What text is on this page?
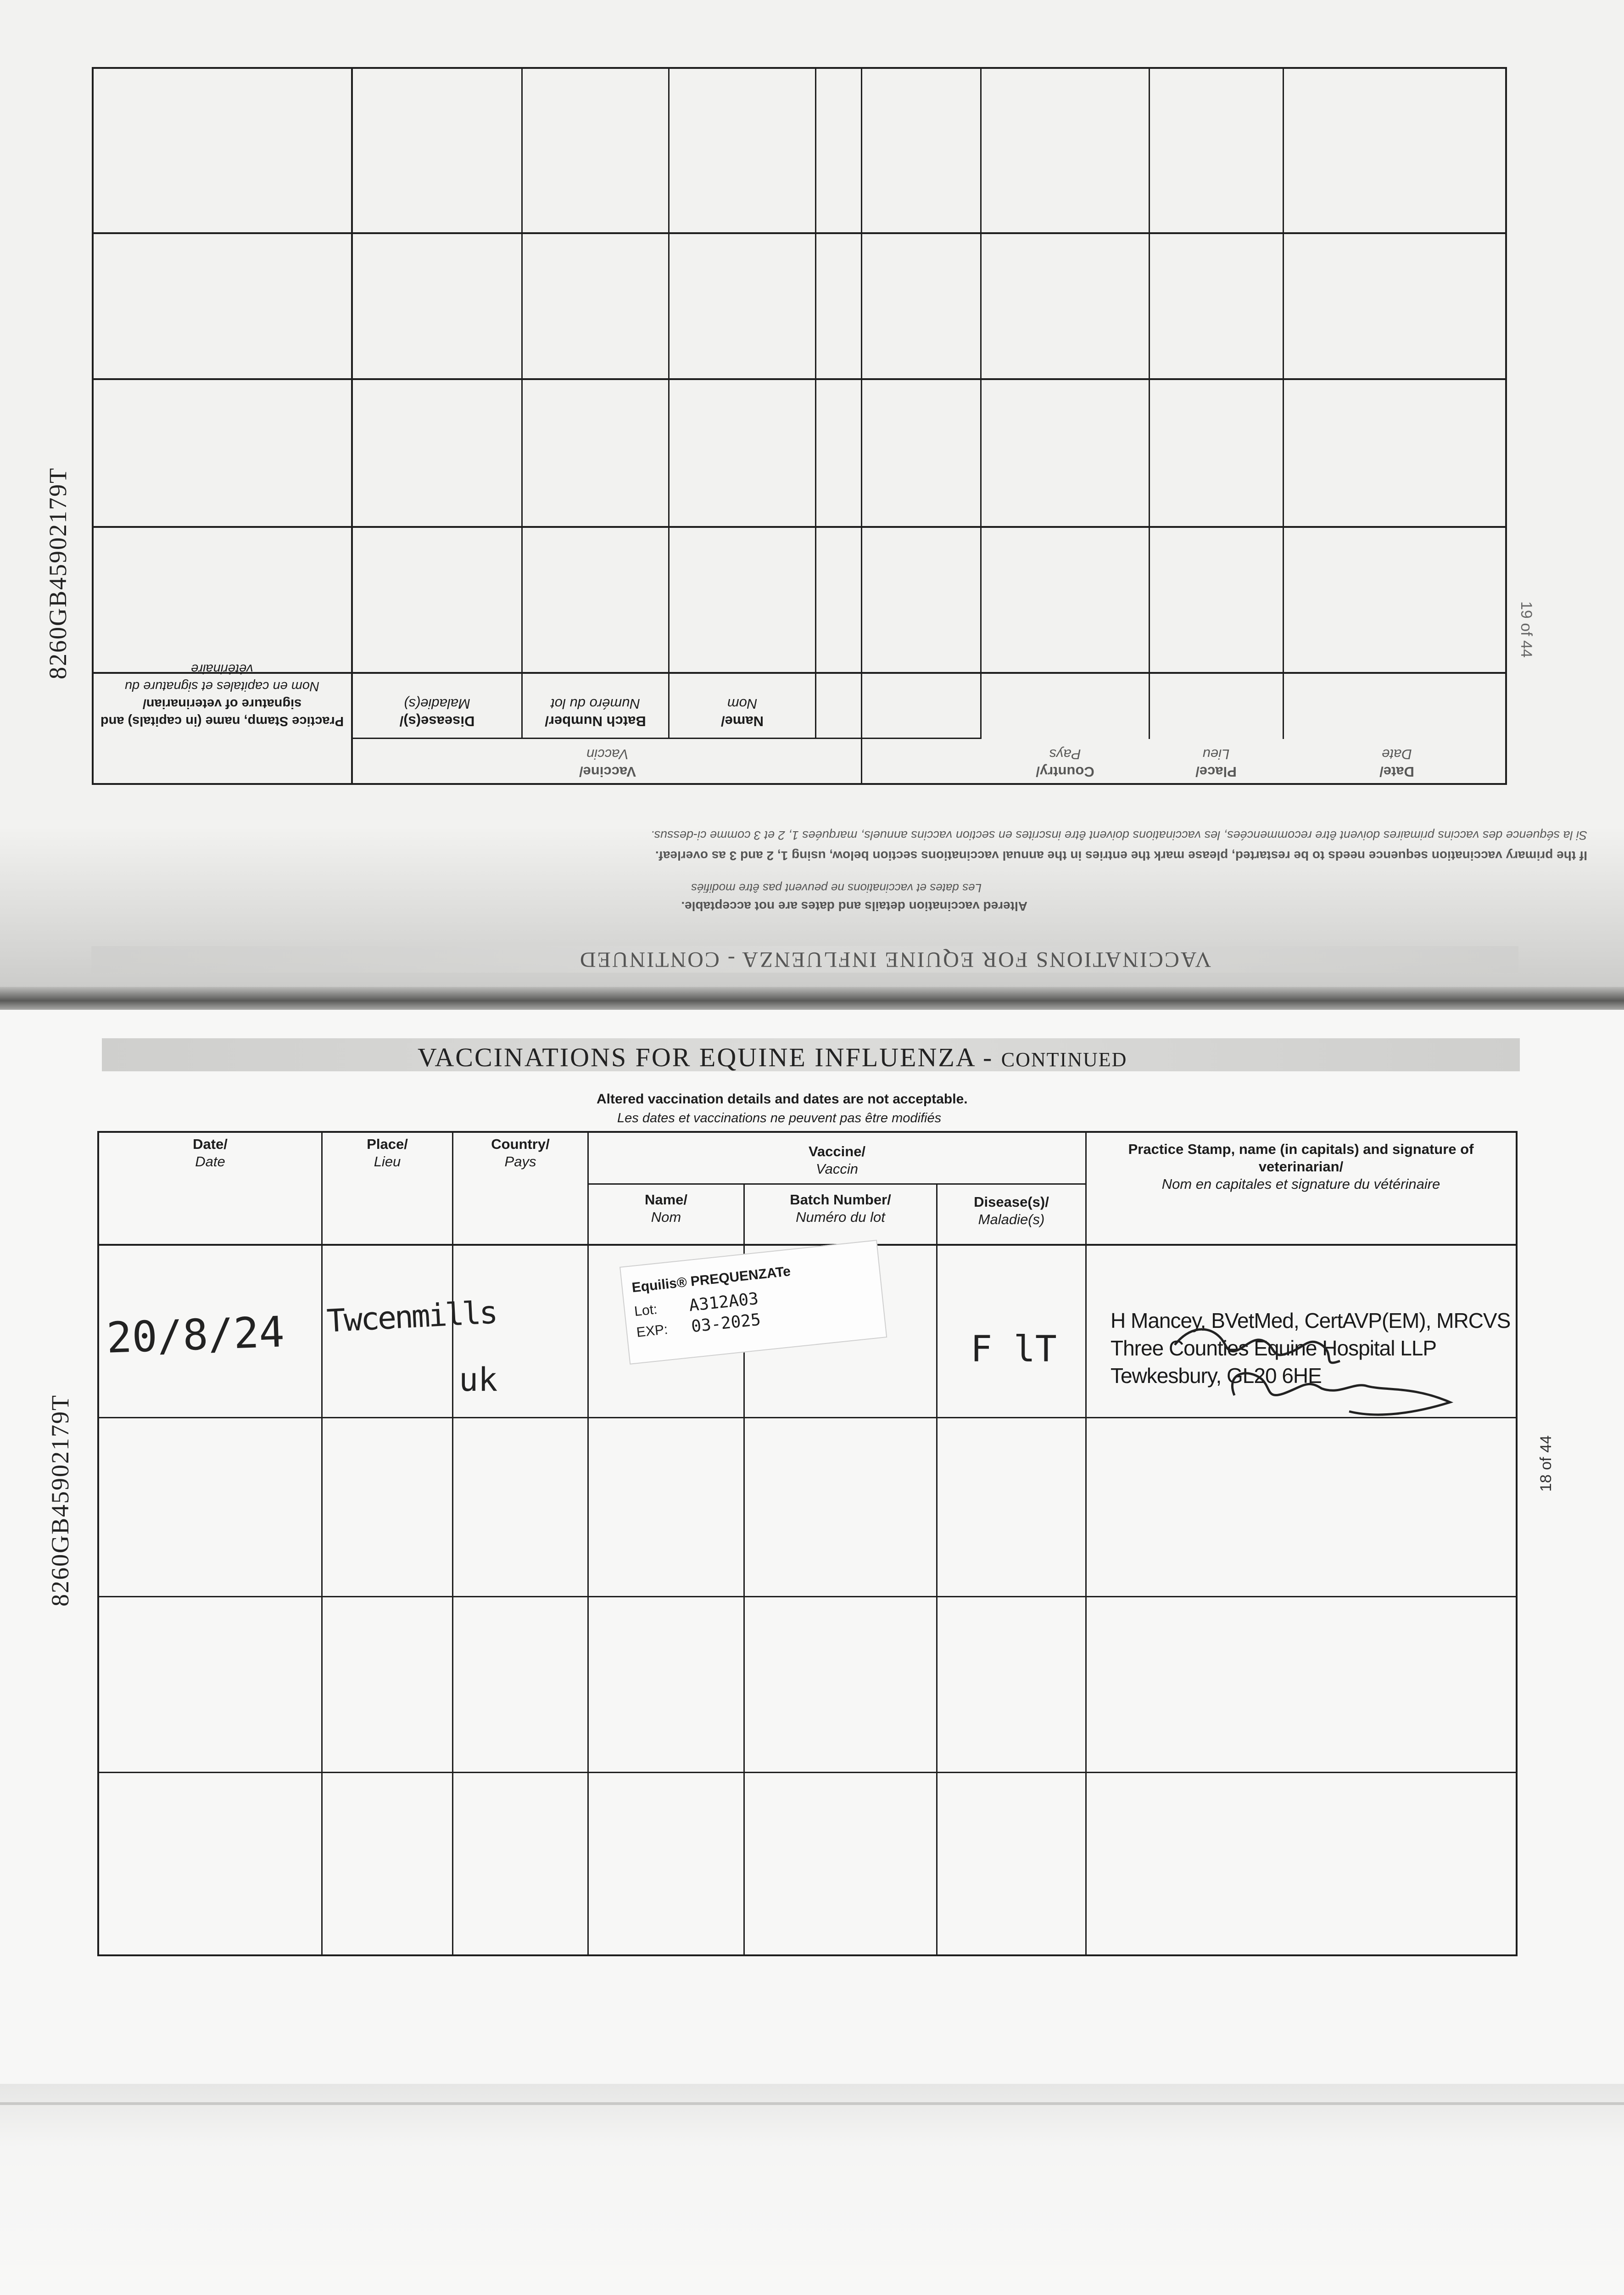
VACCINATIONS FOR EQUINE INFLUENZA - CONTINUED
Altered vaccination details and dates are not acceptable.
Les dates et vaccinations ne peuvent pas être modifiés
If the primary vaccination sequence needs to be restarted, please mark the entries in the annual vaccinations section below, using 1, 2 and 3 as overleaf.
Si la séquence des vaccins primaires doivent être recommencées, les vaccinations doivent être inscrites en section vaccins annuels, marquées 1, 2 et 3 comme ci-dessus.
Date/
Date
Place/
Lieu
Country/
Pays
Vaccine/
Vaccin
Name/
Nom
Batch Number/
Numéro du lot
Disease(s)/
Maladie(s)
Practice Stamp, name (in capitals) and signature of veterinarian/
Nom en capitales et signature du vétérinaire
8260GB45902179T	19 of 44
VACCINATIONS FOR EQUINE INFLUENZA - CONTINUED
Altered vaccination details and dates are not acceptable.
Les dates et vaccinations ne peuvent pas être modifiés
Date/
Date
Place/
Lieu
Country/
Pays
Vaccine/
Vaccin
Name/
Nom
Batch Number/
Numéro du lot
Disease(s)/
Maladie(s)
Practice Stamp, name (in capitals) and signature of veterinarian/
Nom en capitales et signature du vétérinaire
20/8/24 Twcenmills
uk
Equilis® PREQUENZATe
Lot: A312A03
EXP: 03-2025
F lT
H Mancey, BVetMed, CertAVP(EM), MRCVS
Three Counties Equine Hospital LLP
Tewkesbury, GL20 6HE
8260GB45902179T	18 of 44
